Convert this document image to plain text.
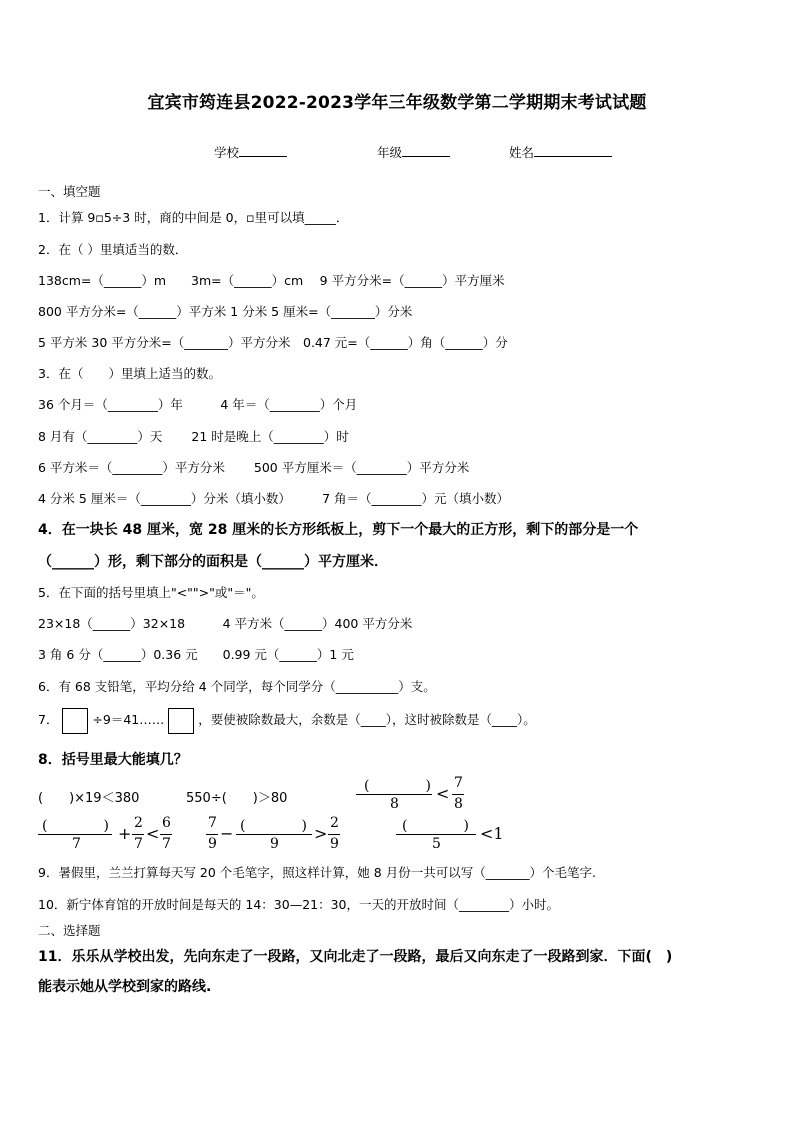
宜宾市筠连县2022-2023学年三年级数学第二学期期末考试试题
学校	年级	姓名
一、填空题
1．计算 9▫5÷3 时，商的中间是 0，▫里可以填_____．
2．在（ ）里填适当的数．
138cm=（______）m　　3m=（______）cm　 9 平方分米=（______）平方厘米
800 平方分米=（______）平方米 1 分米 5 厘米=（_______）分米
5 平方米 30 平方分米=（_______）平方分米　0.47 元=（______）角（______）分
3．在（　　）里填上适当的数。
36 个月＝（________）年　　　4 年＝（________）个月
8 月有（________）天　　 21 时是晚上（________）时
6 平方米＝（________）平方分米　　 500 平方厘米＝（________）平方分米
4 分米 5 厘米＝（________）分米（填小数）　　　7 角＝（________）元（填小数）
4．在一块长 48 厘米，宽 28 厘米的长方形纸板上，剪下一个最大的正方形，剩下的部分是一个
（______）形，剩下部分的面积是（______）平方厘米．
5．在下面的括号里填上"<"">"或"＝"。
23×18（______）32×18　　　4 平方米（______）400 平方分米
3 角 6 分（______）0.36 元　　0.99 元（______）1 元
6．有 68 支铅笔，平均分给 4 个同学，每个同学分（__________）支。
7．	÷9＝41……	，要使被除数最大，余数是（____），这时被除数是（____）。
8．括号里最大能填几？
(　　)×19＜380	550÷(　　)＞80
(　　　　)
8
<
7
8
(　　　　)
7
+
2
7
<
6
7
7
9
− (　　　　)
9
>
2
9
(　　　　)
5
<1
9．暑假里，兰兰打算每天写 20 个毛笔字，照这样计算，她 8 月份一共可以写（_______）个毛笔字.
10．新宁体育馆的开放时间是每天的 14：30—21：30，一天的开放时间（________）小时。
二、选择题
11．乐乐从学校出发，先向东走了一段路，又向北走了一段路，最后又向东走了一段路到家．下面(　)
能表示她从学校到家的路线.
